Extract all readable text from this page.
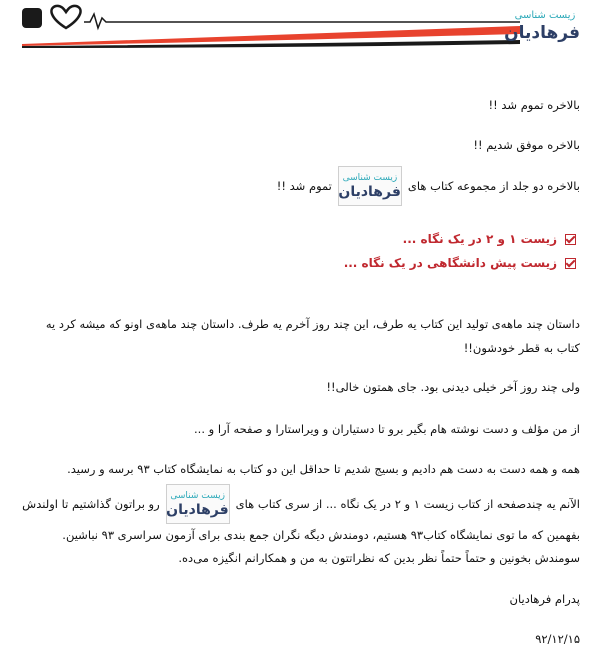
زیست شناسی
فرهادیان

بالاخره تموم شد !!

بالاخره موفق شدیم !!

بالاخره دو جلد از مجموعه کتاب های
زیست شناسی
فرهادیان
تموم شد !!
زیست ۱ و ۲ در یک نگاه ...
زیست پیش دانشگاهی در یک نگاه ...

داستان چند ماهه‌ی تولید این کتاب یه طرف، این چند روز آخرم یه طرف. داستان چند ماهه‌ی اونو که میشه کرد یه کتاب به قطر خودشون!!

ولی چند روز آخر خیلی دیدنی بود. جای همتون خالی!!

از من مؤلف و دست نوشته هام بگیر برو تا دستیاران و ویراستارا و صفحه آرا و ...

همه و همه دست به دست هم دادیم و بسیج شدیم تا حداقل این دو کتاب به نمایشگاه کتاب ۹۳ برسه و رسید.

الآنم یه چندصفحه از کتاب زیست ۱ و ۲ در یک نگاه ... از سری کتاب های
زیست شناسی
فرهادیان
رو براتون گذاشتیم تا اولندش

بفهمین که ما توی نمایشگاه کتاب۹۳ هستیم، دومندش دیگه نگران جمع بندی برای آزمون سراسری ۹۳ نباشین. سومندش بخونین و حتماً حتماً نظر بدین که نظراتتون به من و همکارانم انگیزه می‌ده.

پدرام فرهادیان

۹۲/۱۲/۱۵
